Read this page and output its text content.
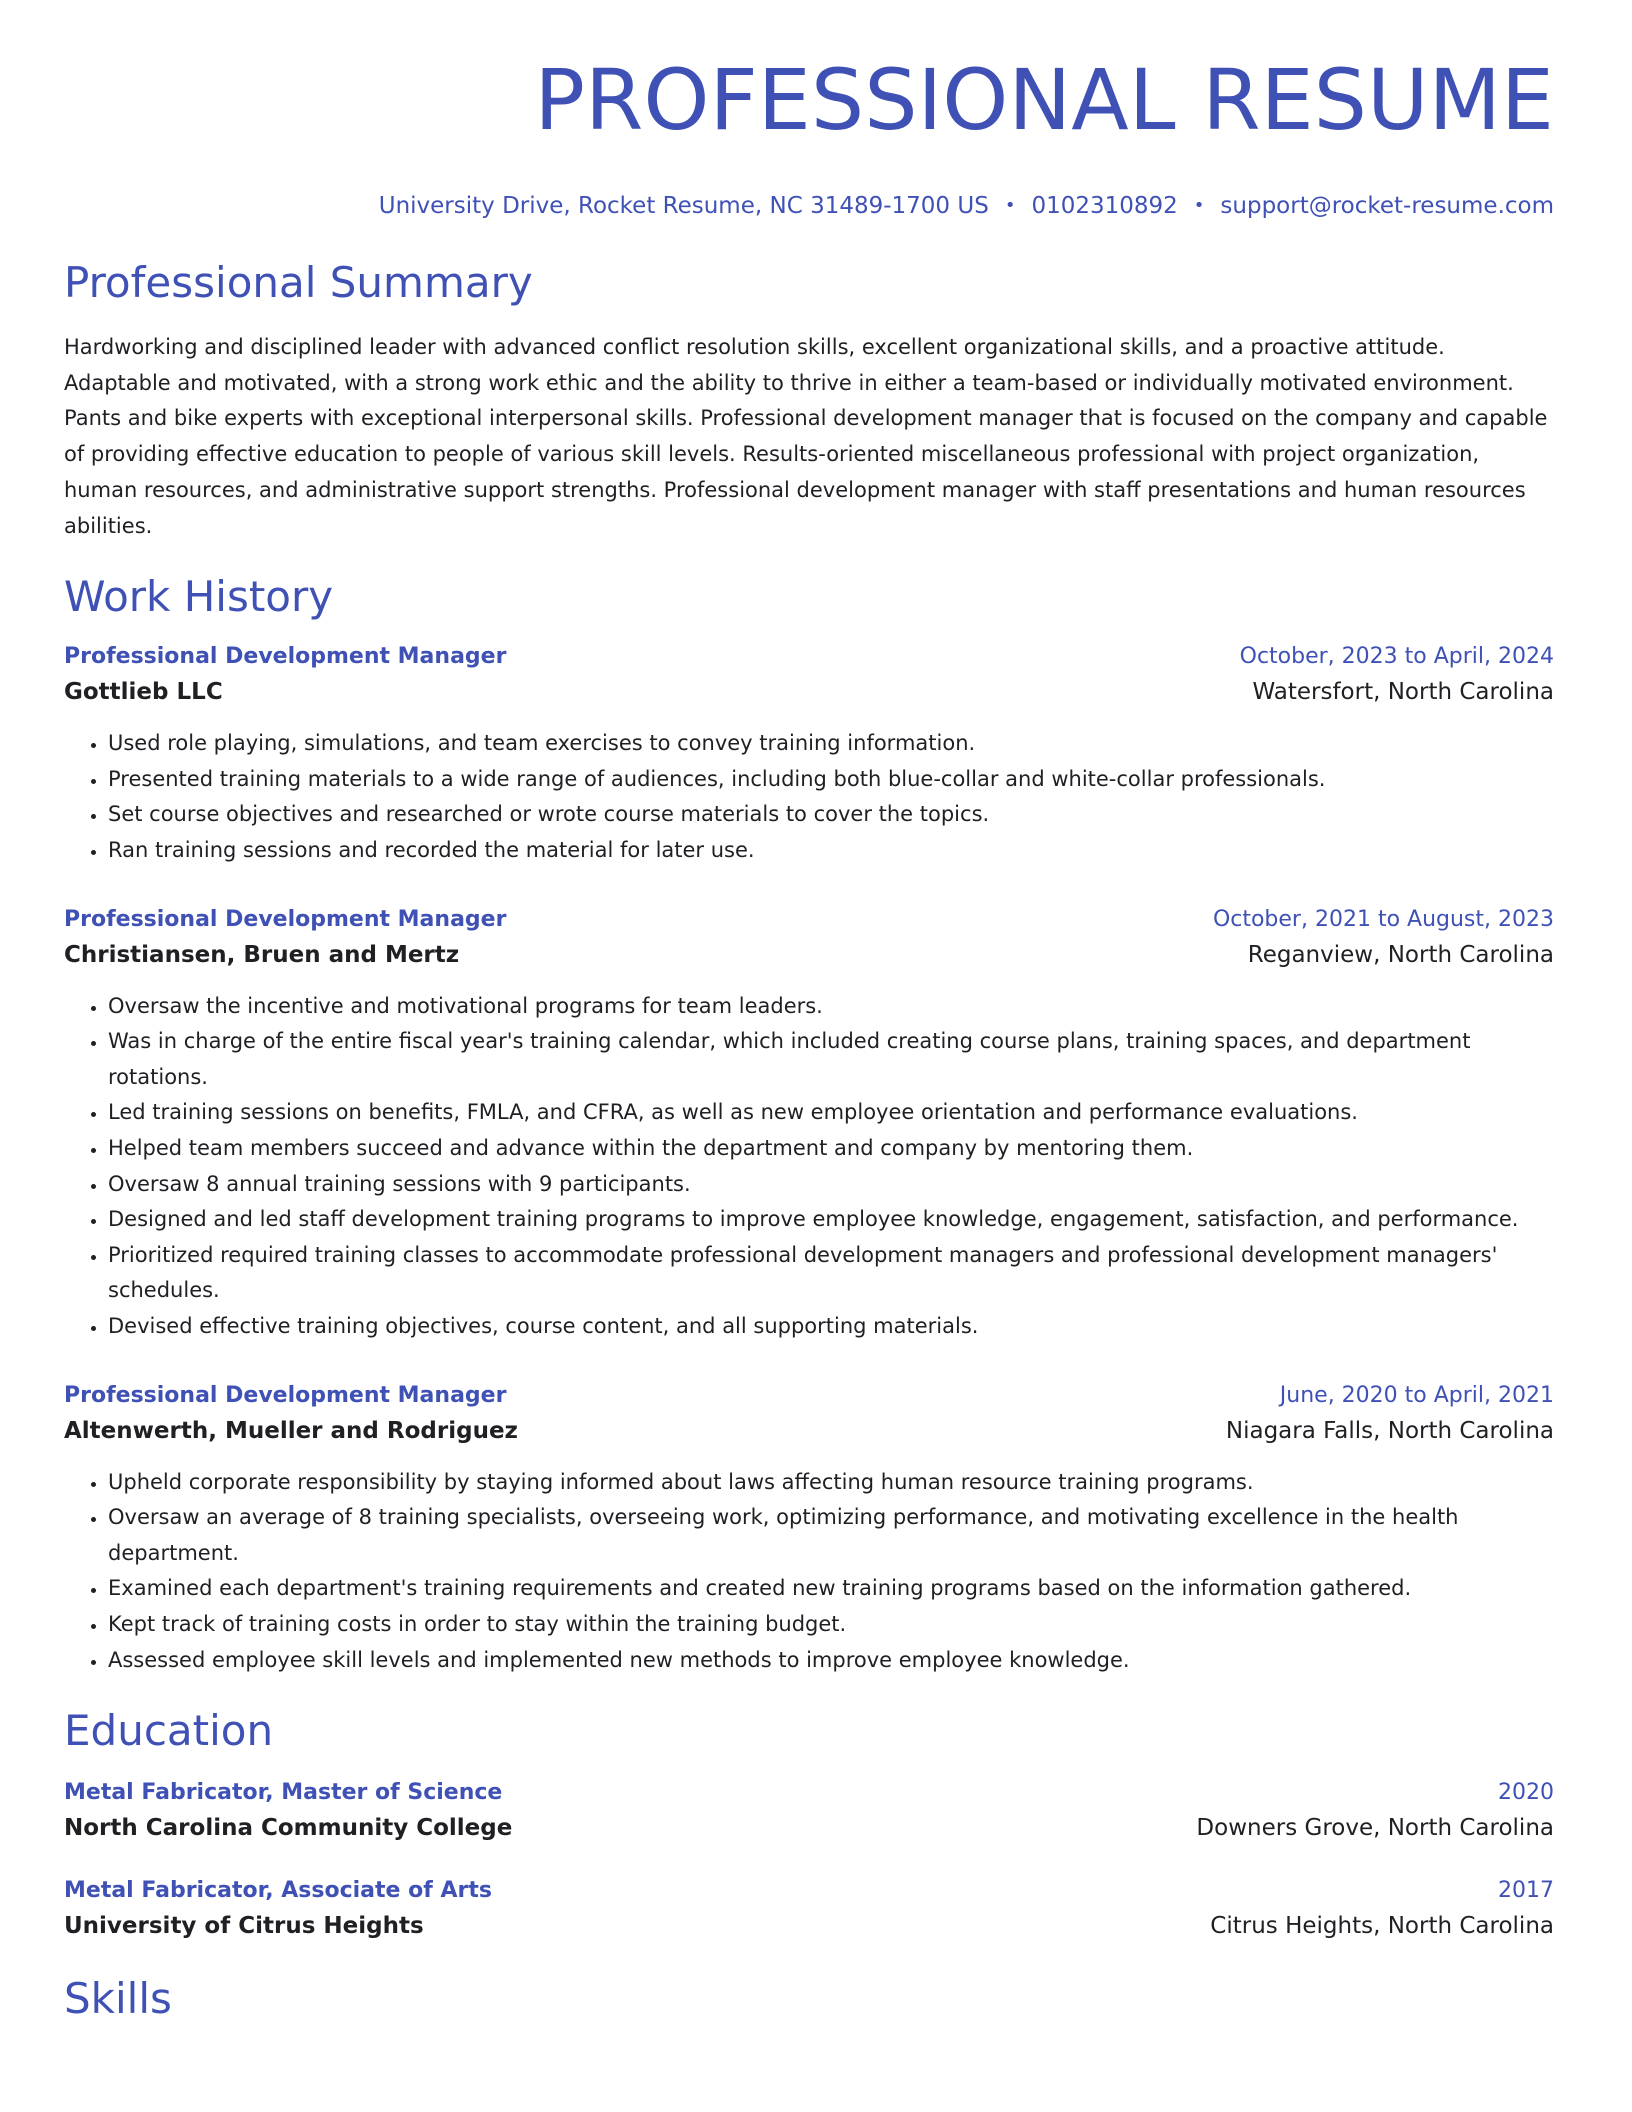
PROFESSIONAL RESUME
University Drive, Rocket Resume, NC 31489-1700 US • 0102310892 • support@rocket-resume.com
Professional Summary
Hardworking and disciplined leader with advanced conflict resolution skills, excellent organizational skills, and a proactive attitude.
Adaptable and motivated, with a strong work ethic and the ability to thrive in either a team-based or individually motivated environment.
Pants and bike experts with exceptional interpersonal skills. Professional development manager that is focused on the company and capable
of providing effective education to people of various skill levels. Results-oriented miscellaneous professional with project organization,
human resources, and administrative support strengths. Professional development manager with staff presentations and human resources
abilities.
Work History
Professional Development Manager	October, 2023 to April, 2024
Gottlieb LLC	Watersfort, North Carolina
• Used role playing, simulations, and team exercises to convey training information.
• Presented training materials to a wide range of audiences, including both blue-collar and white-collar professionals.
• Set course objectives and researched or wrote course materials to cover the topics.
• Ran training sessions and recorded the material for later use.
Professional Development Manager	October, 2021 to August, 2023
Christiansen, Bruen and Mertz	Reganview, North Carolina
• Oversaw the incentive and motivational programs for team leaders.
• Was in charge of the entire fiscal year's training calendar, which included creating course plans, training spaces, and department rotations.
• Led training sessions on benefits, FMLA, and CFRA, as well as new employee orientation and performance evaluations.
• Helped team members succeed and advance within the department and company by mentoring them.
• Oversaw 8 annual training sessions with 9 participants.
• Designed and led staff development training programs to improve employee knowledge, engagement, satisfaction, and performance.
• Prioritized required training classes to accommodate professional development managers and professional development managers' schedules.
• Devised effective training objectives, course content, and all supporting materials.
Professional Development Manager	June, 2020 to April, 2021
Altenwerth, Mueller and Rodriguez	Niagara Falls, North Carolina
• Upheld corporate responsibility by staying informed about laws affecting human resource training programs.
• Oversaw an average of 8 training specialists, overseeing work, optimizing performance, and motivating excellence in the health department.
• Examined each department's training requirements and created new training programs based on the information gathered.
• Kept track of training costs in order to stay within the training budget.
• Assessed employee skill levels and implemented new methods to improve employee knowledge.
Education
Metal Fabricator, Master of Science	2020
North Carolina Community College	Downers Grove, North Carolina
Metal Fabricator, Associate of Arts	2017
University of Citrus Heights	Citrus Heights, North Carolina
Skills
